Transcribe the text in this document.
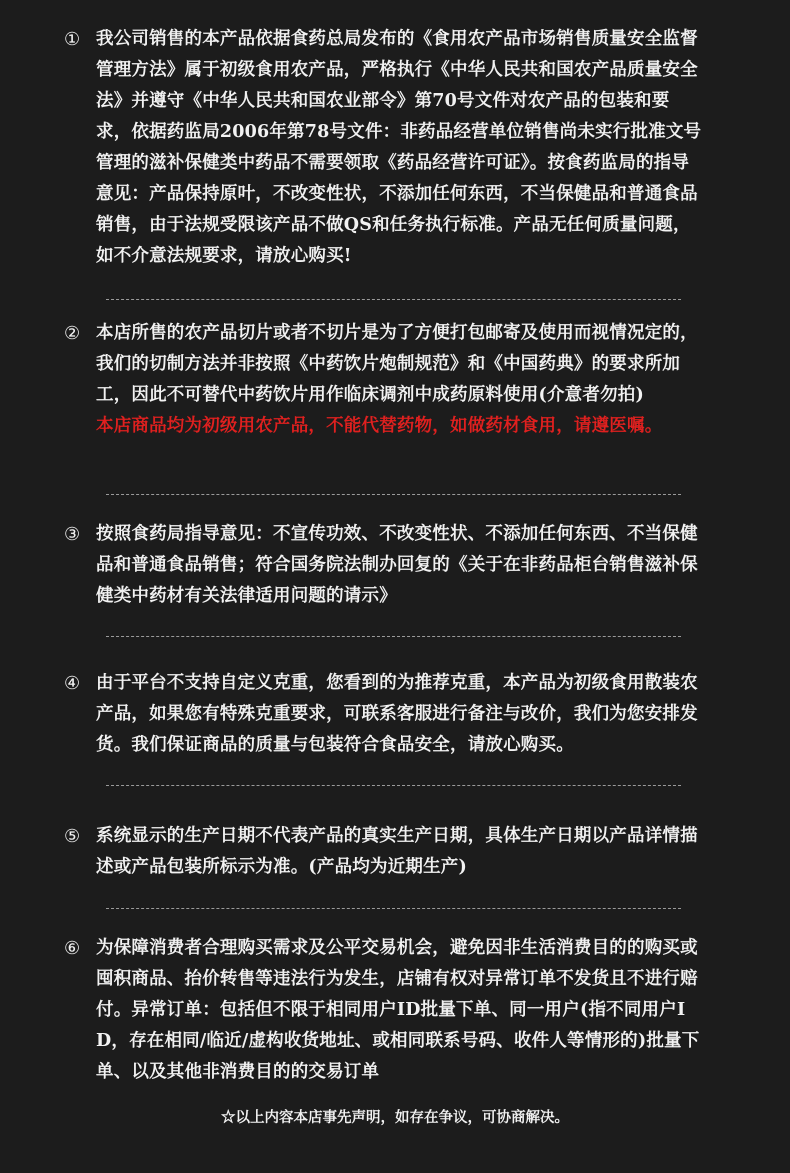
① 我公司销售的本产品依据食药总局发布的《食用农产品市场销售质量安全监督管理方法》属于初级食用农产品，严格执行《中华人民共和国农产品质量安全法》并遵守《中华人民共和国农业部令》第70号文件对农产品的包装和要求，依据药监局2006年第78号文件：非药品经营单位销售尚未实行批准文号管理的滋补保健类中药品不需要领取《药品经营许可证》。按食药监局的指导意见：产品保持原叶，不改变性状，不添加任何东西，不当保健品和普通食品销售，由于法规受限该产品不做QS和任务执行标准。产品无任何质量问题，如不介意法规要求，请放心购买!
② 本店所售的农产品切片或者不切片是为了方便打包邮寄及使用而视情况定的，我们的切制方法并非按照《中药饮片炮制规范》和《中国药典》的要求所加工，因此不可替代中药饮片用作临床调剂中成药原料使用(介意者勿拍)
本店商品均为初级用农产品，不能代替药物，如做药材食用，请遵医嘱。
③ 按照食药局指导意见：不宣传功效、不改变性状、不添加任何东西、不当保健品和普通食品销售；符合国务院法制办回复的《关于在非药品柜台销售滋补保健类中药材有关法律适用问题的请示》
④ 由于平台不支持自定义克重，您看到的为推荐克重，本产品为初级食用散装农产品，如果您有特殊克重要求，可联系客服进行备注与改价，我们为您安排发货。我们保证商品的质量与包装符合食品安全，请放心购买。
⑤ 系统显示的生产日期不代表产品的真实生产日期，具体生产日期以产品详情描述或产品包装所标示为准。(产品均为近期生产)
⑥ 为保障消费者合理购买需求及公平交易机会，避免因非生活消费目的的购买或囤积商品、抬价转售等违法行为发生，店铺有权对异常订单不发货且不进行赔付。异常订单：包括但不限于相同用户ID批量下单、同一用户(指不同用户ID，存在相同/临近/虚构收货地址、或相同联系号码、收件人等情形的)批量下单、以及其他非消费目的的交易订单
☆以上内容本店事先声明，如存在争议，可协商解决。
